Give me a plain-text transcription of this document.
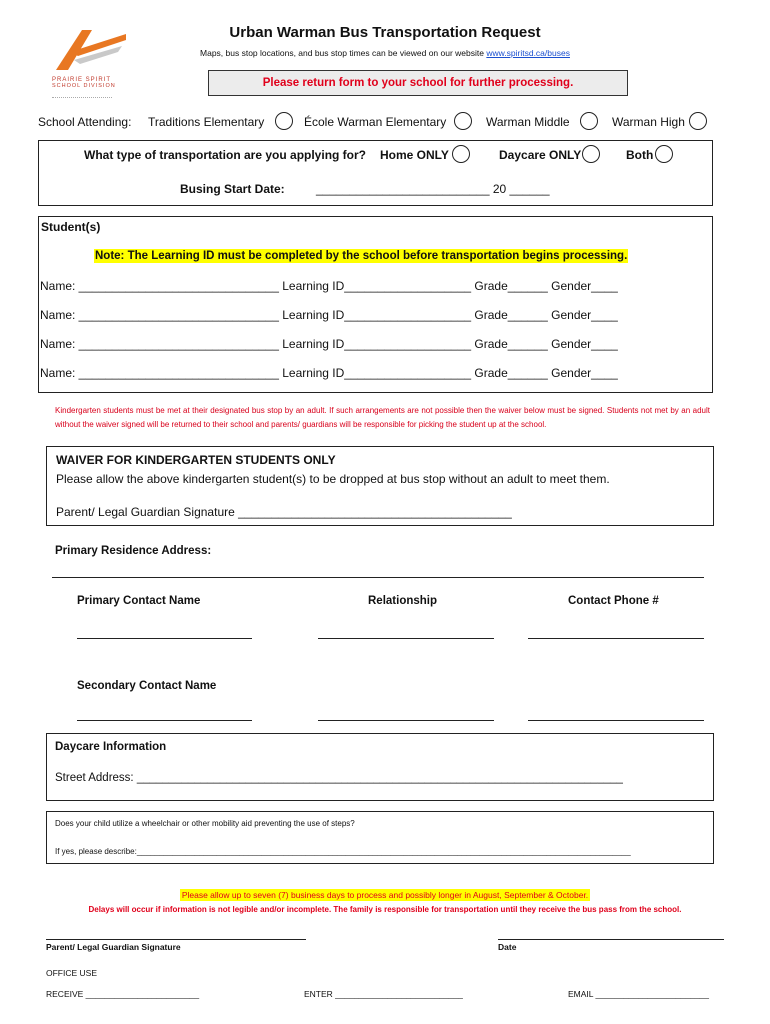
PRAIRIE SPIRIT
SCHOOL DIVISION
Urban Warman Bus Transportation Request
Maps, bus stop locations, and bus stop times can be viewed on our website www.spiritsd.ca/buses
Please return form to your school for further processing.
School Attending: Traditions Elementary	École Warman Elementary	Warman Middle	Warman High
What type of transportation are you applying for? Home ONLY	Daycare ONLY	Both
Busing Start Date:	__________________________ 20 ______
Student(s)
Note: The Learning ID must be completed by the school before transportation begins processing.
Name: ______________________________ Learning ID___________________ Grade______ Gender____
Name: ______________________________ Learning ID___________________ Grade______ Gender____
Name: ______________________________ Learning ID___________________ Grade______ Gender____
Name: ______________________________ Learning ID___________________ Grade______ Gender____
Kindergarten students must be met at their designated bus stop by an adult. If such arrangements are not possible then the waiver below must be signed. Students not met by an adult without the waiver signed will be returned to their school and parents/ guardians will be responsible for picking the student up at the school.
WAIVER FOR KINDERGARTEN STUDENTS ONLY
Please allow the above kindergarten student(s) to be dropped at bus stop without an adult to meet them.
Parent/ Legal Guardian Signature _________________________________________
Primary Residence Address:
Primary Contact Name	Relationship	Contact Phone #
Secondary Contact Name
Daycare Information
Street Address: ____________________________________________________________________________
Does your child utilize a wheelchair or other mobility aid preventing the use of steps?
If yes, please describe:_______________________________________________________________________________________________________________
Please allow up to seven (7) business days to process and possibly longer in August, September & October.
Delays will occur if information is not legible and/or incomplete. The family is responsible for transportation until they receive the bus pass from the school.
Parent/ Legal Guardian Signature	Date
OFFICE USE
RECEIVE ________________________	ENTER ___________________________	EMAIL ________________________
